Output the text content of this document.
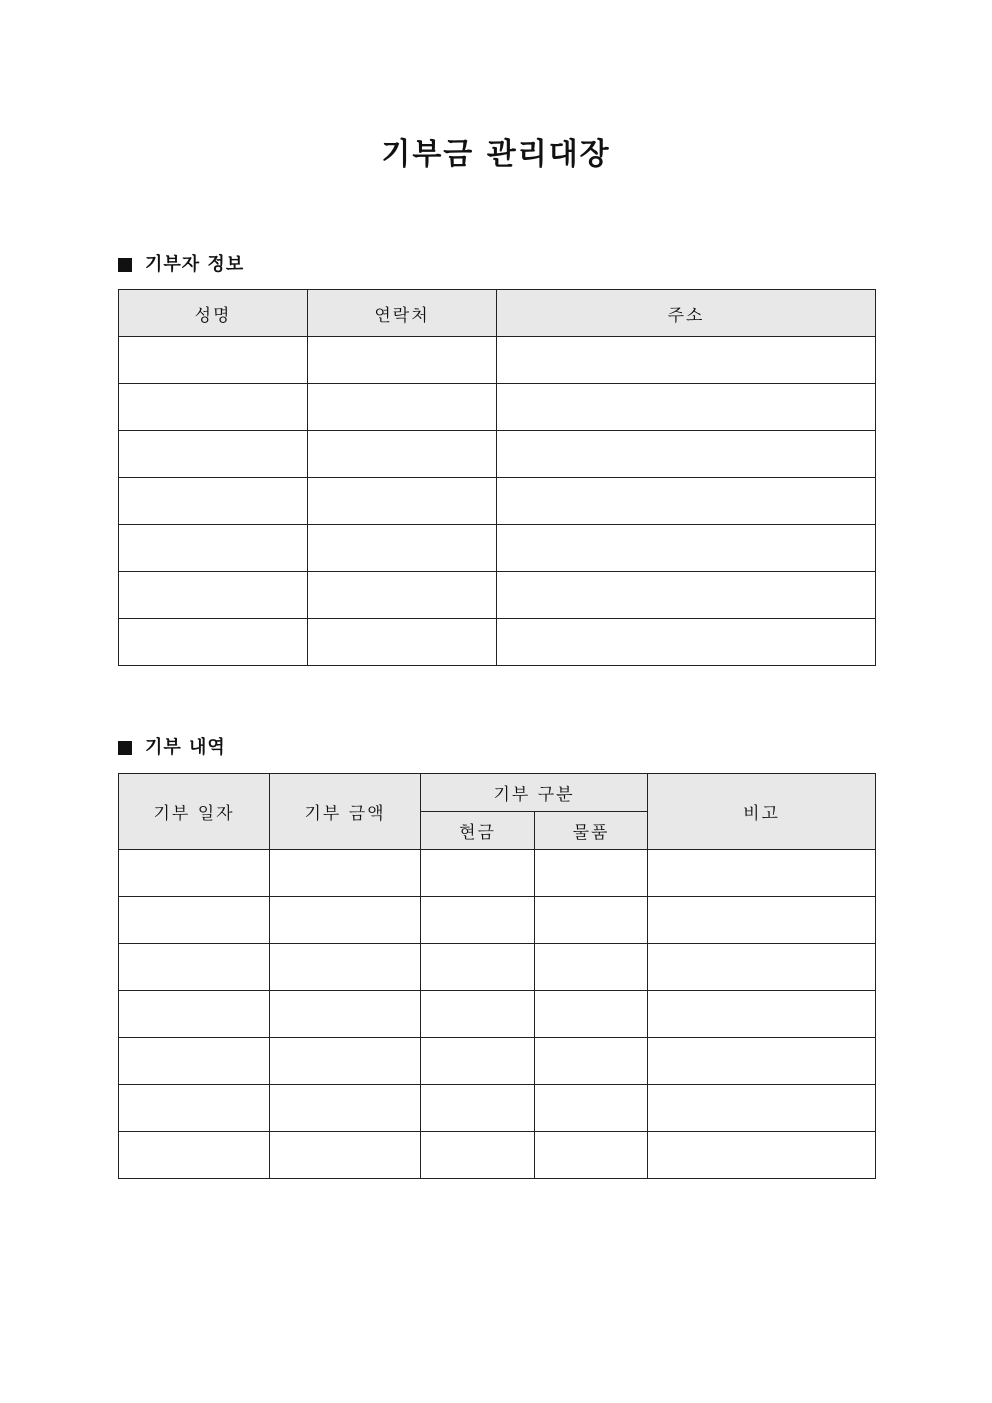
기부금 관리대장
기부자 정보
성명	연락처	주소

기부 내역
기부 일자	기부 금액	기부 구분		비고
		현금	물품	
